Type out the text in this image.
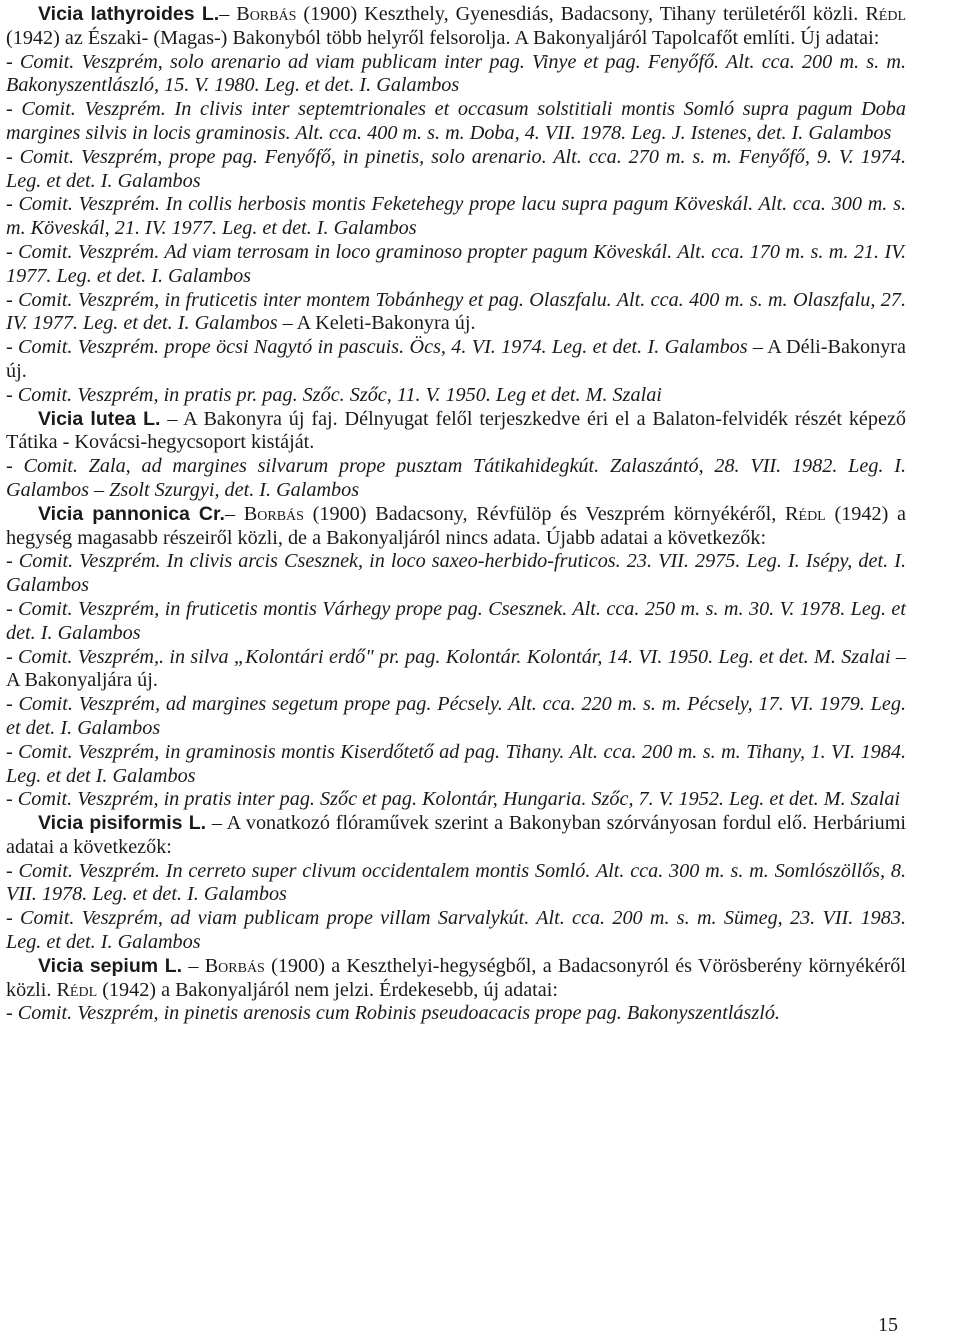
Vicia lathyroides L.– Borbás (1900) Keszthely, Gyenesdiás, Badacsony, Tihany területéről közli. Rédl (1942) az Északi- (Magas-) Bakonyból több helyről felsorolja. A Bakonyaljáról Tapolcafőt említi. Új adatai:

- Comit. Veszprém, solo arenario ad viam publicam inter pag. Vinye et pag. Fenyőfő. Alt. cca. 200 m. s. m. Bakonyszentlászló, 15. V. 1980. Leg. et det. I. Galambos

- Comit. Veszprém. In clivis inter septemtrionales et occasum solstitiali montis Somló supra pagum Doba margines silvis in locis graminosis. Alt. cca. 400 m. s. m. Doba, 4. VII. 1978. Leg. J. Istenes, det. I. Galambos

- Comit. Veszprém, prope pag. Fenyőfő, in pinetis, solo arenario. Alt. cca. 270 m. s. m. Fenyőfő, 9. V. 1974. Leg. et det. I. Galambos

- Comit. Veszprém. In collis herbosis montis Feketehegy prope lacu supra pagum Köveskál. Alt. cca. 300 m. s. m. Köveskál, 21. IV. 1977. Leg. et det. I. Galambos

- Comit. Veszprém. Ad viam terrosam in loco graminoso propter pagum Köveskál. Alt. cca. 170 m. s. m. 21. IV. 1977. Leg. et det. I. Galambos

- Comit. Veszprém, in fruticetis inter montem Tobánhegy et pag. Olaszfalu. Alt. cca. 400 m. s. m. Olaszfalu, 27. IV. 1977. Leg. et det. I. Galambos – A Keleti-Bakonyra új.

- Comit. Veszprém. prope öcsi Nagytó in pascuis. Öcs, 4. VI. 1974. Leg. et det. I. Galambos – A Déli-Bakonyra új.

- Comit. Veszprém, in pratis pr. pag. Szőc. Szőc, 11. V. 1950. Leg et det. M. Szalai

Vicia lutea L. – A Bakonyra új faj. Délnyugat felől terjeszkedve éri el a Balaton-felvidék részét képező Tátika - Kovácsi-hegycsoport kistáját.

- Comit. Zala, ad margines silvarum prope pusztam Tátikahidegkút. Zalaszántó, 28. VII. 1982. Leg. I. Galambos – Zsolt Szurgyi, det. I. Galambos

Vicia pannonica Cr.– Borbás (1900) Badacsony, Révfülöp és Veszprém környékéről, Rédl (1942) a hegység magasabb részeiről közli, de a Bakonyaljáról nincs adata. Újabb adatai a következők:

- Comit. Veszprém. In clivis arcis Csesznek, in loco saxeo-herbido-fruticos. 23. VII. 2975. Leg. I. Isépy, det. I. Galambos

- Comit. Veszprém, in fruticetis montis Várhegy prope pag. Csesznek. Alt. cca. 250 m. s. m. 30. V. 1978. Leg. et det. I. Galambos

- Comit. Veszprém,. in silva „Kolontári erdő" pr. pag. Kolontár. Kolontár, 14. VI. 1950. Leg. et det. M. Szalai – A Bakonyaljára új.

- Comit. Veszprém, ad margines segetum prope pag. Pécsely. Alt. cca. 220 m. s. m. Pécsely, 17. VI. 1979. Leg. et det. I. Galambos

- Comit. Veszprém, in graminosis montis Kiserdőtető ad pag. Tihany. Alt. cca. 200 m. s. m. Tihany, 1. VI. 1984. Leg. et det I. Galambos

- Comit. Veszprém, in pratis inter pag. Szőc et pag. Kolontár, Hungaria. Szőc, 7. V. 1952. Leg. et det. M. Szalai

Vicia pisiformis L. – A vonatkozó flóraművek szerint a Bakonyban szórványosan fordul elő. Herbáriumi adatai a következők:

- Comit. Veszprém. In cerreto super clivum occidentalem montis Somló. Alt. cca. 300 m. s. m. Somlószöllős, 8. VII. 1978. Leg. et det. I. Galambos

- Comit. Veszprém, ad viam publicam prope villam Sarvalykút. Alt. cca. 200 m. s. m. Sümeg, 23. VII. 1983. Leg. et det. I. Galambos

Vicia sepium L. – Borbás (1900) a Keszthelyi-hegységből, a Badacsonyról és Vörösberény környékéről közli. Rédl (1942) a Bakonyaljáról nem jelzi. Érdekesebb, új adatai:

- Comit. Veszprém, in pinetis arenosis cum Robinis pseudoacacis prope pag. Bakonyszentlászló.

15
